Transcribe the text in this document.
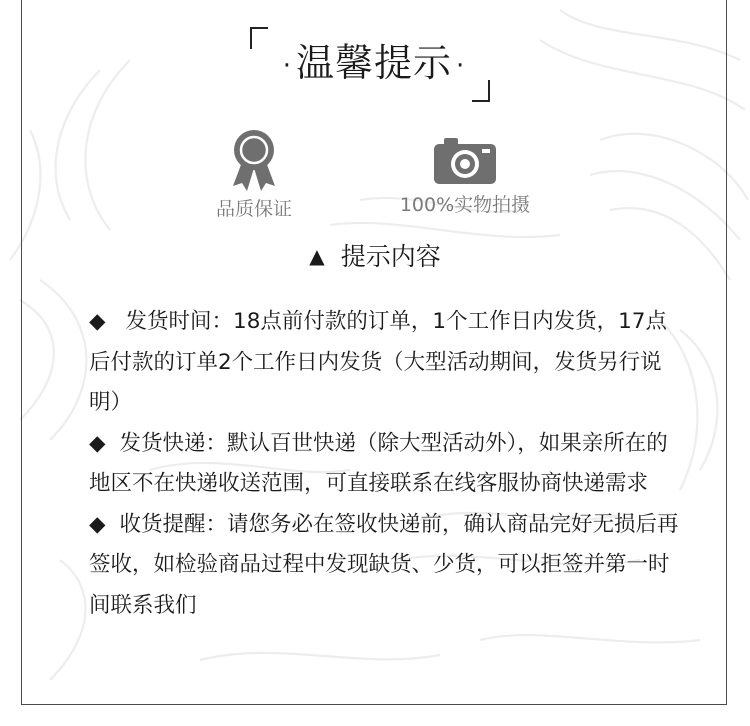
· 温馨提示 ·
品质保证	100%实物拍摄
▲ 提示内容

◆ 发货时间：18点前付款的订单，1个工作日内发货，17点后付款的订单2个工作日内发货（大型活动期间，发货另行说明）

◆ 发货快递：默认百世快递（除大型活动外），如果亲所在的地区不在快递收送范围，可直接联系在线客服协商快递需求

◆ 收货提醒：请您务必在签收快递前，确认商品完好无损后再签收，如检验商品过程中发现缺货、少货，可以拒签并第一时间联系我们
